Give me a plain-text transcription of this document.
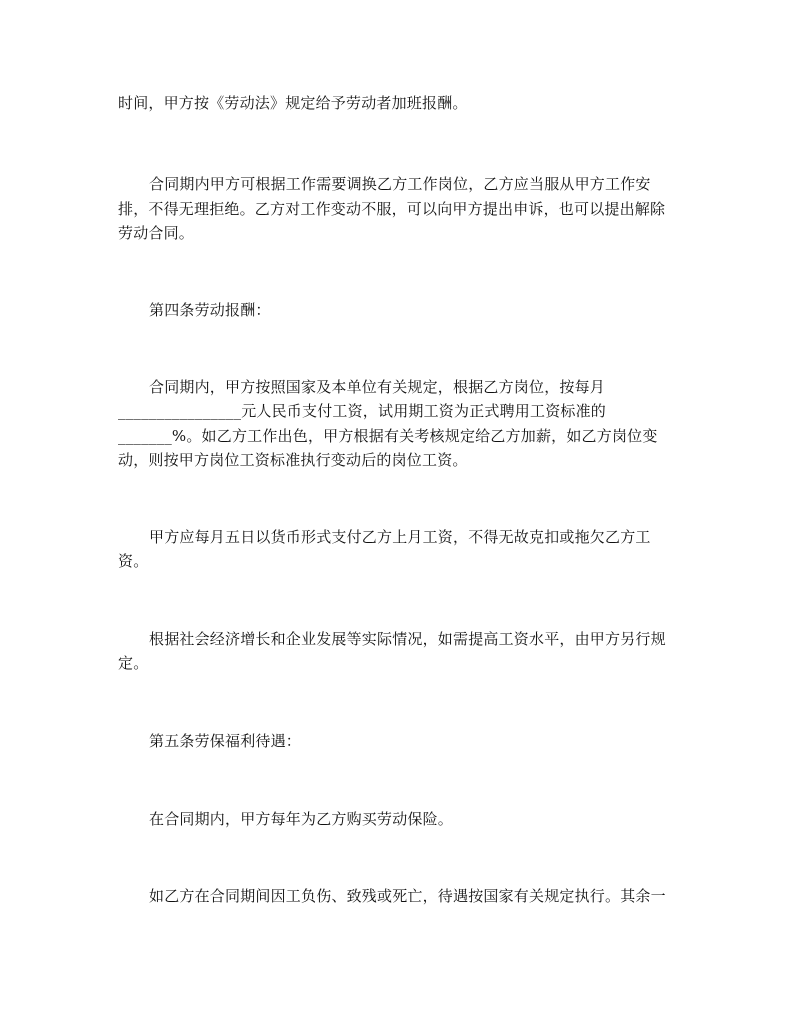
时间，甲方按《劳动法》规定给予劳动者加班报酬。
合同期内甲方可根据工作需要调换乙方工作岗位，乙方应当服从甲方工作安
排，不得无理拒绝。乙方对工作变动不服，可以向甲方提出申诉，也可以提出解除
劳动合同。
第四条劳动报酬：
合同期内，甲方按照国家及本单位有关规定，根据乙方岗位，按每月
________________元人民币支付工资，试用期工资为正式聘用工资标准的
_______%。如乙方工作出色，甲方根据有关考核规定给乙方加薪，如乙方岗位变
动，则按甲方岗位工资标准执行变动后的岗位工资。
甲方应每月五日以货币形式支付乙方上月工资，不得无故克扣或拖欠乙方工
资。
根据社会经济增长和企业发展等实际情况，如需提高工资水平，由甲方另行规
定。
第五条劳保福利待遇：
在合同期内，甲方每年为乙方购买劳动保险。
如乙方在合同期间因工负伤、致残或死亡，待遇按国家有关规定执行。其余一
